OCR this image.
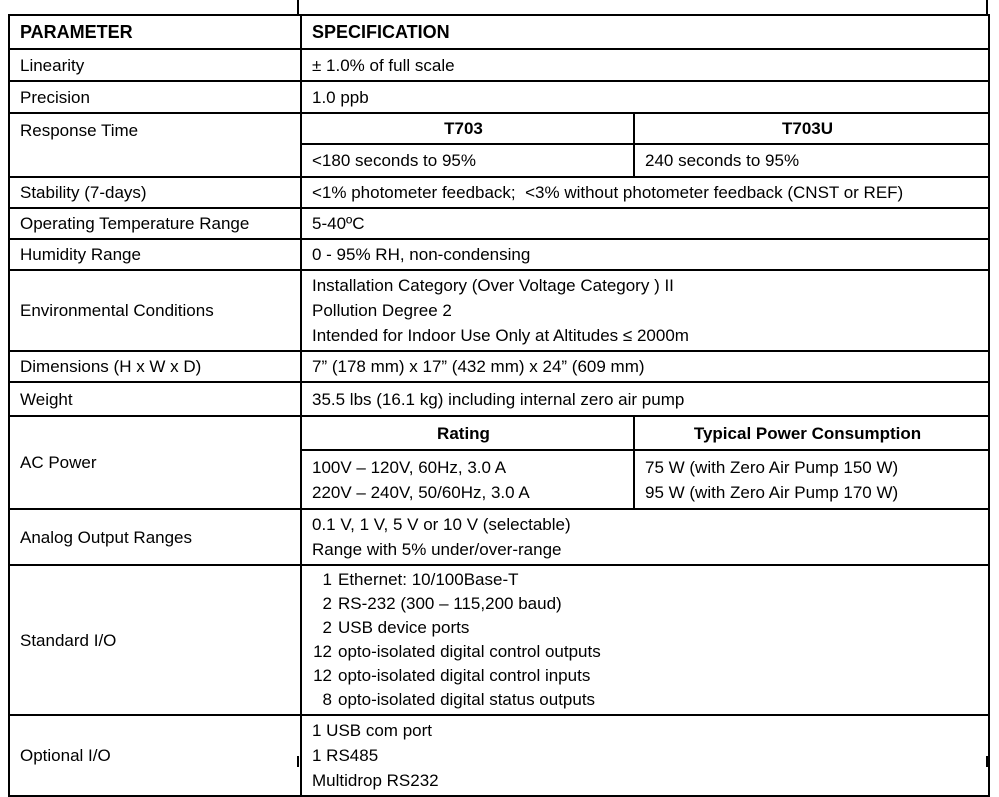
PARAMETER	SPECIFICATION	
Linearity	± 1.0% of full scale	
Precision	1.0 ppb	
Response Time	T703	T703U
	<180 seconds to 95%	240 seconds to 95%
Stability (7-days)	<1% photometer feedback;  <3% without photometer feedback (CNST or REF)	
Operating Temperature Range	5-40ºC	
Humidity Range	0 - 95% RH, non-condensing	
Environmental Conditions	Installation Category (Over Voltage Category ) II
Pollution Degree 2
Intended for Indoor Use Only at Altitudes ≤ 2000m	

Dimensions (H x W x D)	7” (178 mm) x 17” (432 mm) x 24” (609 mm)	
Weight	35.5 lbs (16.1 kg) including internal zero air pump	
AC Power	Rating	Typical Power Consumption

100V – 120V, 60Hz, 3.0 A
220V – 240V, 50/60Hz, 3.0 A

75 W (with Zero Air Pump 150 W)
95 W (with Zero Air Pump 170 W)

Analog Output Ranges	0.1 V, 1 V, 5 V or 10 V (selectable)
Range with 5% under/over-range	

Standard I/O	
1 Ethernet: 10/100Base-T
2 RS-232 (300 – 115,200 baud)
2 USB device ports
12 opto-isolated digital control outputs
12 opto-isolated digital control inputs
8 opto-isolated digital status outputs

Optional I/O	1 USB com port
1 RS485
Multidrop RS232	
